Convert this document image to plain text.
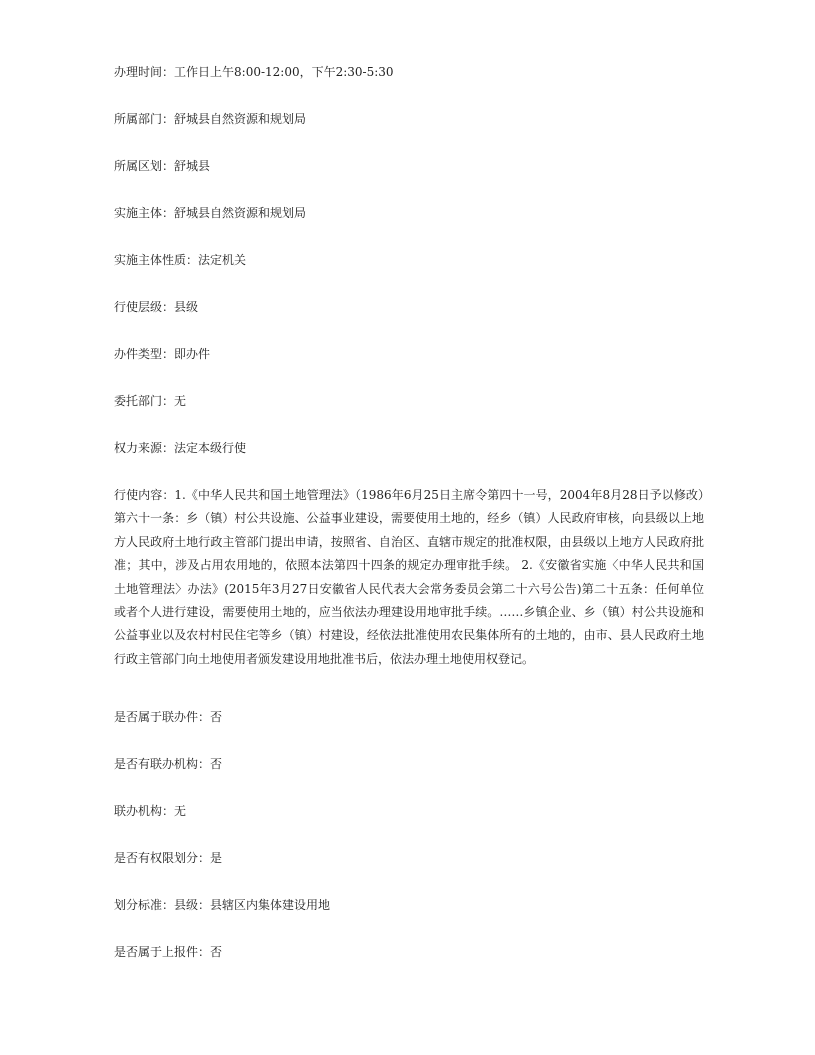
办理时间：工作日上午8:00-12:00，下午2:30-5:30
所属部门：舒城县自然资源和规划局
所属区划：舒城县
实施主体：舒城县自然资源和规划局
实施主体性质：法定机关
行使层级：县级
办件类型：即办件
委托部门：无
权力来源：法定本级行使
行使内容：1.《中华人民共和国土地管理法》（1986年6月25日主席令第四十一号，2004年8月28日予以修改）第六十一条：乡（镇）村公共设施、公益事业建设，需要使用土地的，经乡（镇）人民政府审核，向县级以上地方人民政府土地行政主管部门提出申请，按照省、自治区、直辖市规定的批准权限，由县级以上地方人民政府批准；其中，涉及占用农用地的，依照本法第四十四条的规定办理审批手续。 2.《安徽省实施〈中华人民共和国土地管理法〉办法》(2015年3月27日安徽省人民代表大会常务委员会第二十六号公告)第二十五条：任何单位或者个人进行建设，需要使用土地的，应当依法办理建设用地审批手续。……乡镇企业、乡（镇）村公共设施和公益事业以及农村村民住宅等乡（镇）村建设，经依法批准使用农民集体所有的土地的，由市、县人民政府土地行政主管部门向土地使用者颁发建设用地批准书后，依法办理土地使用权登记。
是否属于联办件：否
是否有联办机构：否
联办机构：无
是否有权限划分：是
划分标准：县级：县辖区内集体建设用地
是否属于上报件：否
